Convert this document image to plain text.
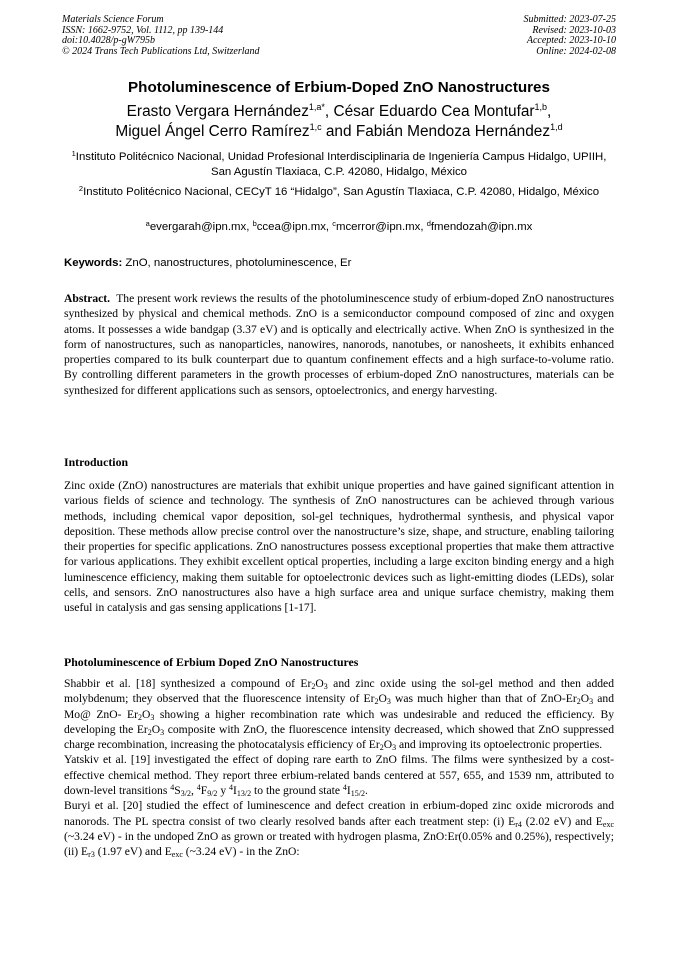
Materials Science Forum
ISSN: 1662-9752, Vol. 1112, pp 139-144
doi:10.4028/p-gW795b
© 2024 Trans Tech Publications Ltd, Switzerland
Submitted: 2023-07-25
Revised: 2023-10-03
Accepted: 2023-10-10
Online: 2024-02-08
Photoluminescence of Erbium-Doped ZnO Nanostructures
Erasto Vergara Hernández$^{1,a*}$, César Eduardo Cea Montufar$^{1,b}$,
Miguel Ángel Cerro Ramírez$^{1,c}$ and Fabián Mendoza Hernández$^{1,d}$
$^1$Instituto Politécnico Nacional, Unidad Profesional Interdisciplinaria de Ingeniería Campus Hidalgo, UPIIH, San Agustín Tlaxiaca, C.P. 42080, Hidalgo, México
$^2$Instituto Politécnico Nacional, CECyT 16 “Hidalgo”, San Agustín Tlaxiaca, C.P. 42080, Hidalgo, México
$^a$evergarah@ipn.mx, $^b$ccea@ipn.mx, $^c$mcerror@ipn.mx, $^d$fmendozah@ipn.mx
Keywords: ZnO, nanostructures, photoluminescence, Er
Abstract. The present work reviews the results of the photoluminescence study of erbium-doped ZnO nanostructures synthesized by physical and chemical methods. ZnO is a semiconductor compound composed of zinc and oxygen atoms. It possesses a wide bandgap (3.37 eV) and is optically and electrically active. When ZnO is synthesized in the form of nanostructures, such as nanoparticles, nanowires, nanorods, nanotubes, or nanosheets, it exhibits enhanced properties compared to its bulk counterpart due to quantum confinement effects and a high surface-to-volume ratio. By controlling different parameters in the growth processes of erbium-doped ZnO nanostructures, materials can be synthesized for different applications such as sensors, optoelectronics, and energy harvesting.
Introduction
Zinc oxide (ZnO) nanostructures are materials that exhibit unique properties and have gained significant attention in various fields of science and technology. The synthesis of ZnO nanostructures can be achieved through various methods, including chemical vapor deposition, sol-gel techniques, hydrothermal synthesis, and physical vapor deposition. These methods allow precise control over the nanostructure’s size, shape, and structure, enabling tailoring their properties for specific applications. ZnO nanostructures possess exceptional properties that make them attractive for various applications. They exhibit excellent optical properties, including a large exciton binding energy and a high luminescence efficiency, making them suitable for optoelectronic devices such as light-emitting diodes (LEDs), solar cells, and sensors. ZnO nanostructures also have a high surface area and unique surface chemistry, making them useful in catalysis and gas sensing applications [1-17].
Photoluminescence of Erbium Doped ZnO Nanostructures

Shabbir et al. [18] synthesized a compound of $Er_2O_3$ and zinc oxide using the sol-gel method and then added molybdenum; they observed that the fluorescence intensity of $Er_2O_3$ was much higher than that of ZnO-$Er_2O_3$ and Mo@ ZnO- $Er_2O_3$ showing a higher recombination rate which was undesirable and reduced the efficiency. By developing the $Er_2O_3$ composite with ZnO, the fluorescence intensity decreased, which showed that ZnO suppressed charge recombination, increasing the photocatalysis efficiency of $Er_2O_3$ and improving its optoelectronic properties.

Yatskiv et al. [19] investigated the effect of doping rare earth to ZnO films. The films were synthesized by a cost-effective chemical method. They report three erbium-related bands centered at 557, 655, and 1539 nm, attributed to down-level transitions $^4S_{3/2}$, $^4F_{9/2}$ y $^4I_{13/2}$ to the ground state $^4I_{15/2}$.

Buryi et al. [20] studied the effect of luminescence and defect creation in erbium-doped zinc oxide microrods and nanorods. The PL spectra consist of two clearly resolved bands after each treatment step: (i) $E_{r4}$ (2.02 eV) and $E_{exc}$ (~3.24 eV) - in the undoped ZnO as grown or treated with hydrogen plasma, ZnO:Er(0.05% and 0.25%), respectively; (ii) $E_{r3}$ (1.97 eV) and $E_{exc}$ (~3.24 eV) - in the ZnO:
